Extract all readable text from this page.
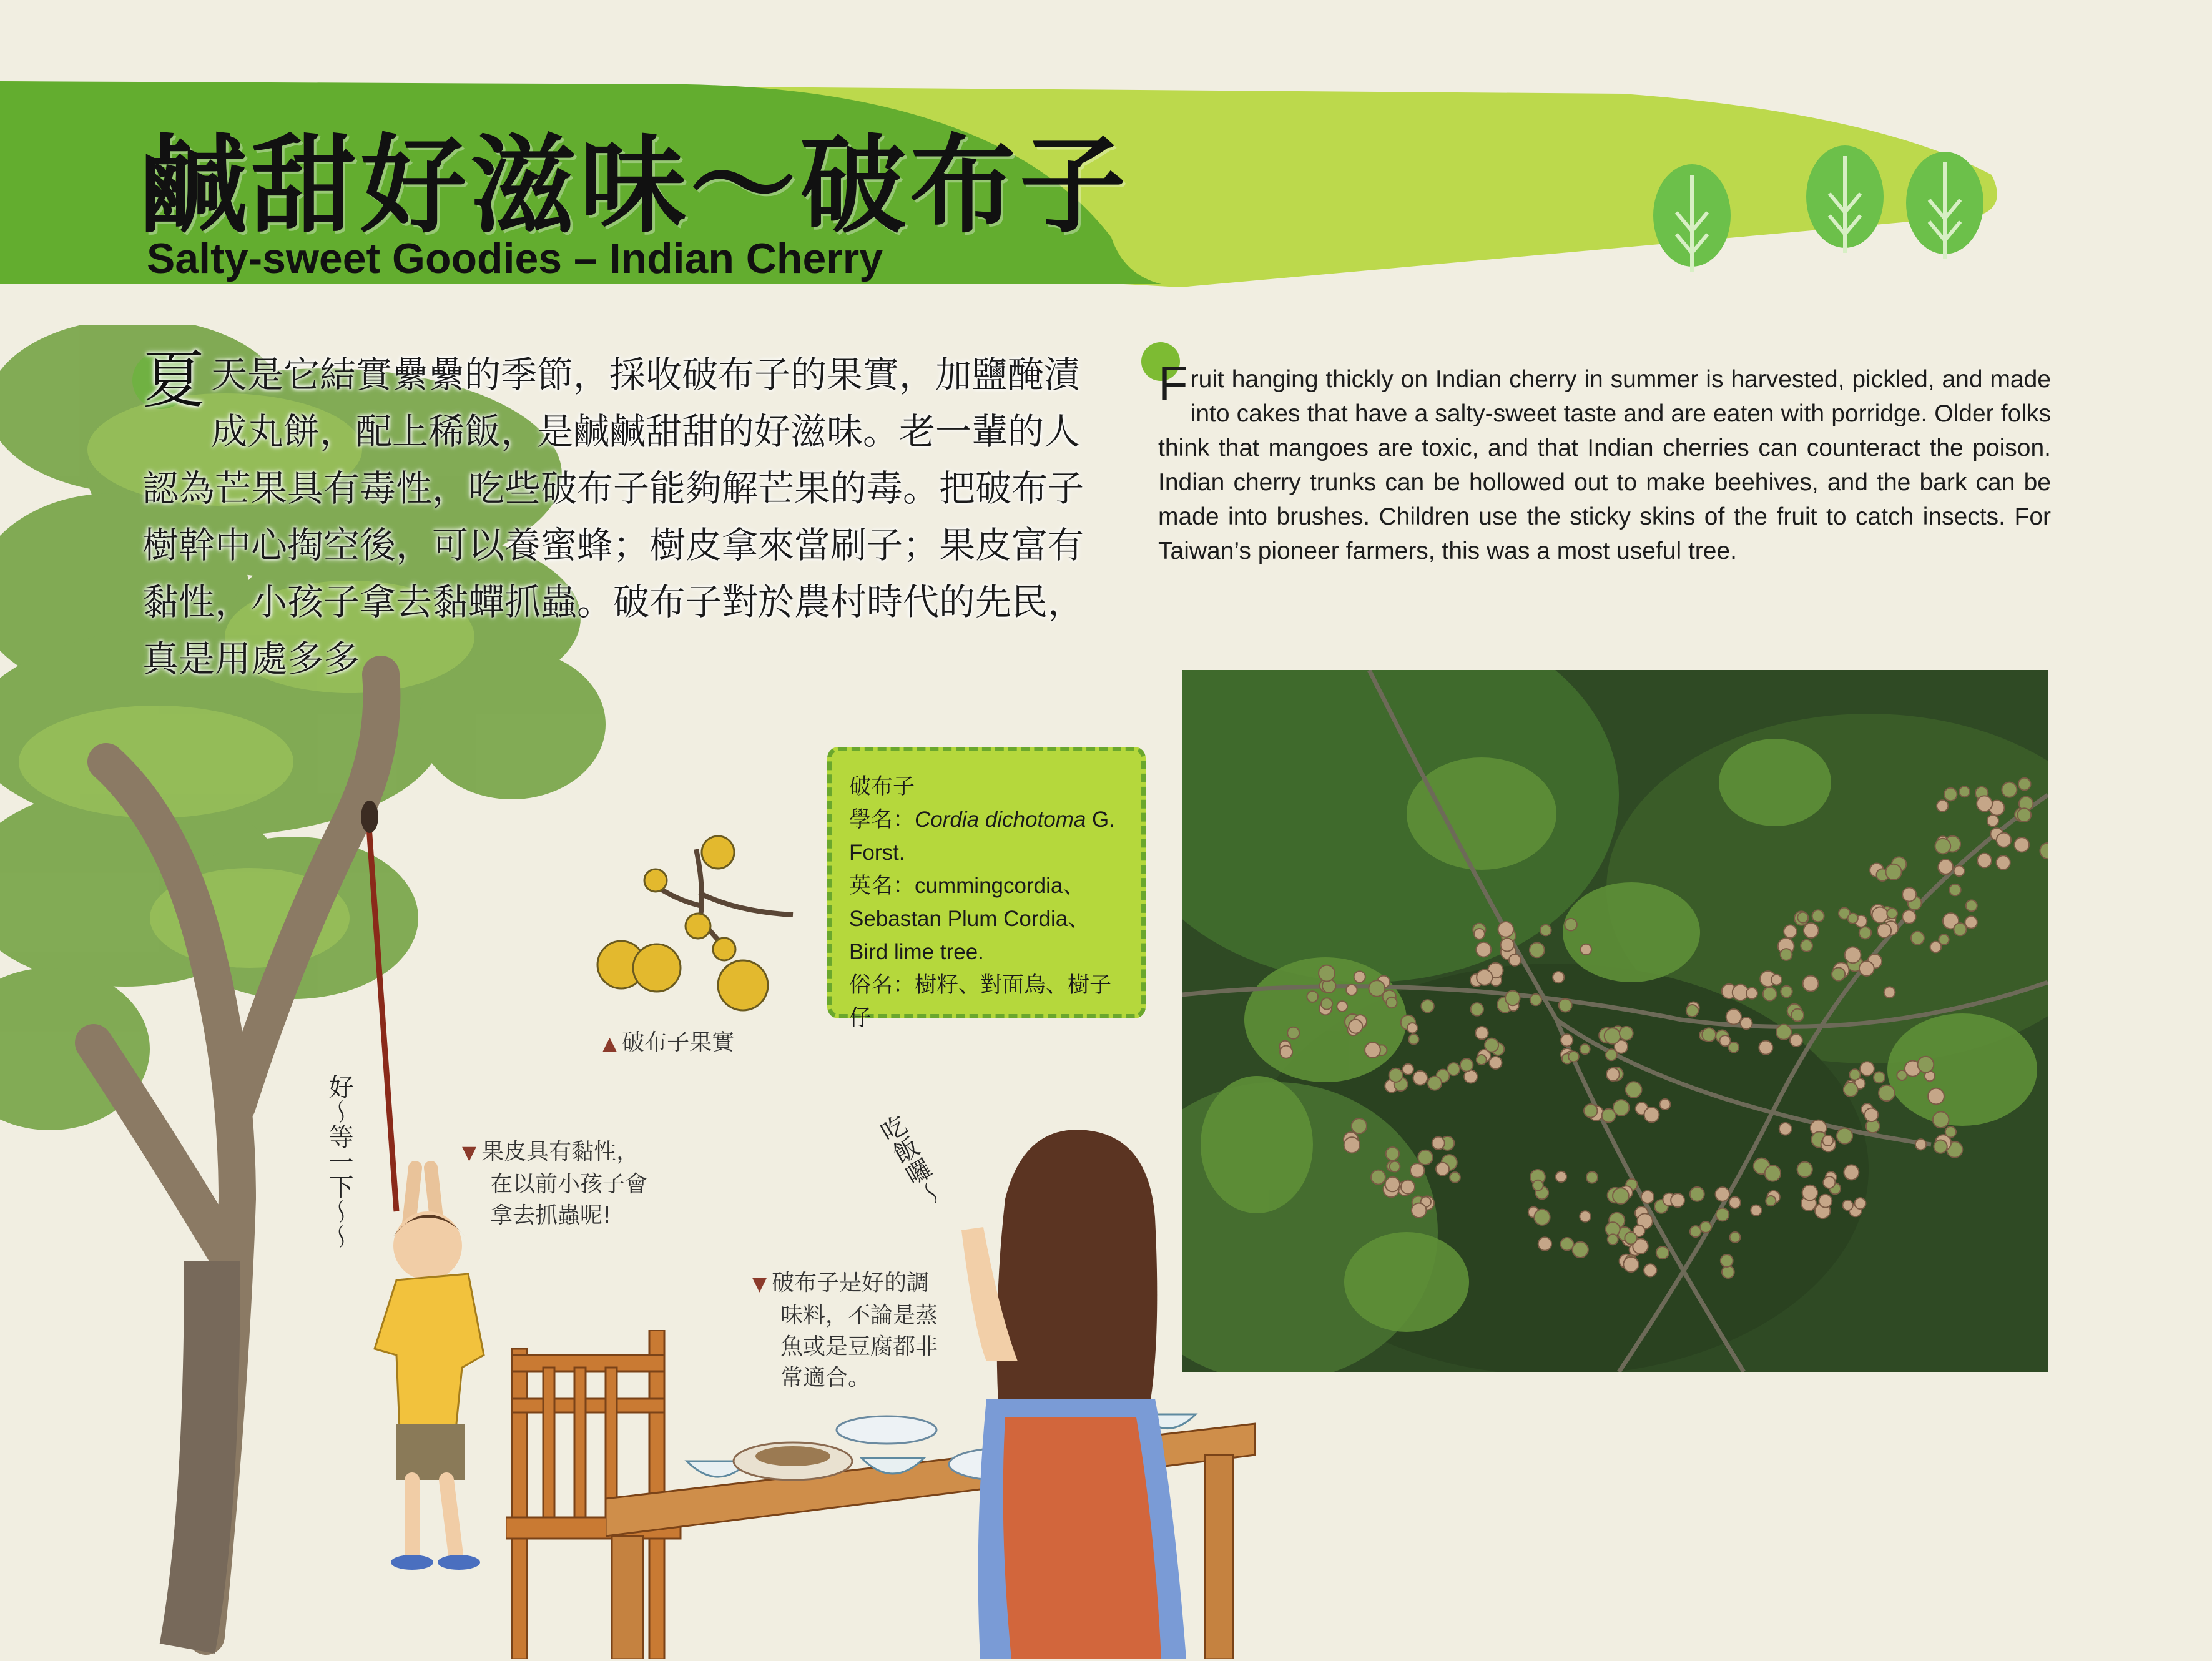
鹹甜好滋味～破布子
Salty-sweet Goodies – Indian Cherry
夏天是它結實纍纍的季節，採收破布子的果實，加鹽醃漬成丸餅，配上稀飯，是鹹鹹甜甜的好滋味。老一輩的人認為芒果具有毒性，吃些破布子能夠解芒果的毒。把破布子樹幹中心掏空後，可以養蜜蜂；樹皮拿來當刷子；果皮富有黏性，小孩子拿去黏蟬抓蟲。破布子對於農村時代的先民，真是用處多多
Fruit hanging thickly on Indian cherry in summer is harvested, pickled, and made into cakes that have a salty-sweet taste and are eaten with porridge. Older folks think that mangoes are toxic, and that Indian cherries can counteract the poison. Indian cherry trunks can be hollowed out to make beehives, and the bark can be made into brushes. Children use the sticky skins of the fruit to catch insects. For Taiwan’s pioneer farmers, this was a most useful tree.
▲ 破布子果實
破布子
學名：Cordia dichotoma G. Forst.
英名：cummingcordia、Sebastan Plum Cordia、Bird lime tree.
俗名：樹籽、對面烏、樹子仔
▼ 果皮具有黏性，
在以前小孩子會
拿去抓蟲呢!
▼ 破布子是好的調
味料，不論是蒸
魚或是豆腐都非
常適合。
好～等一下～～	吃飯囉～
